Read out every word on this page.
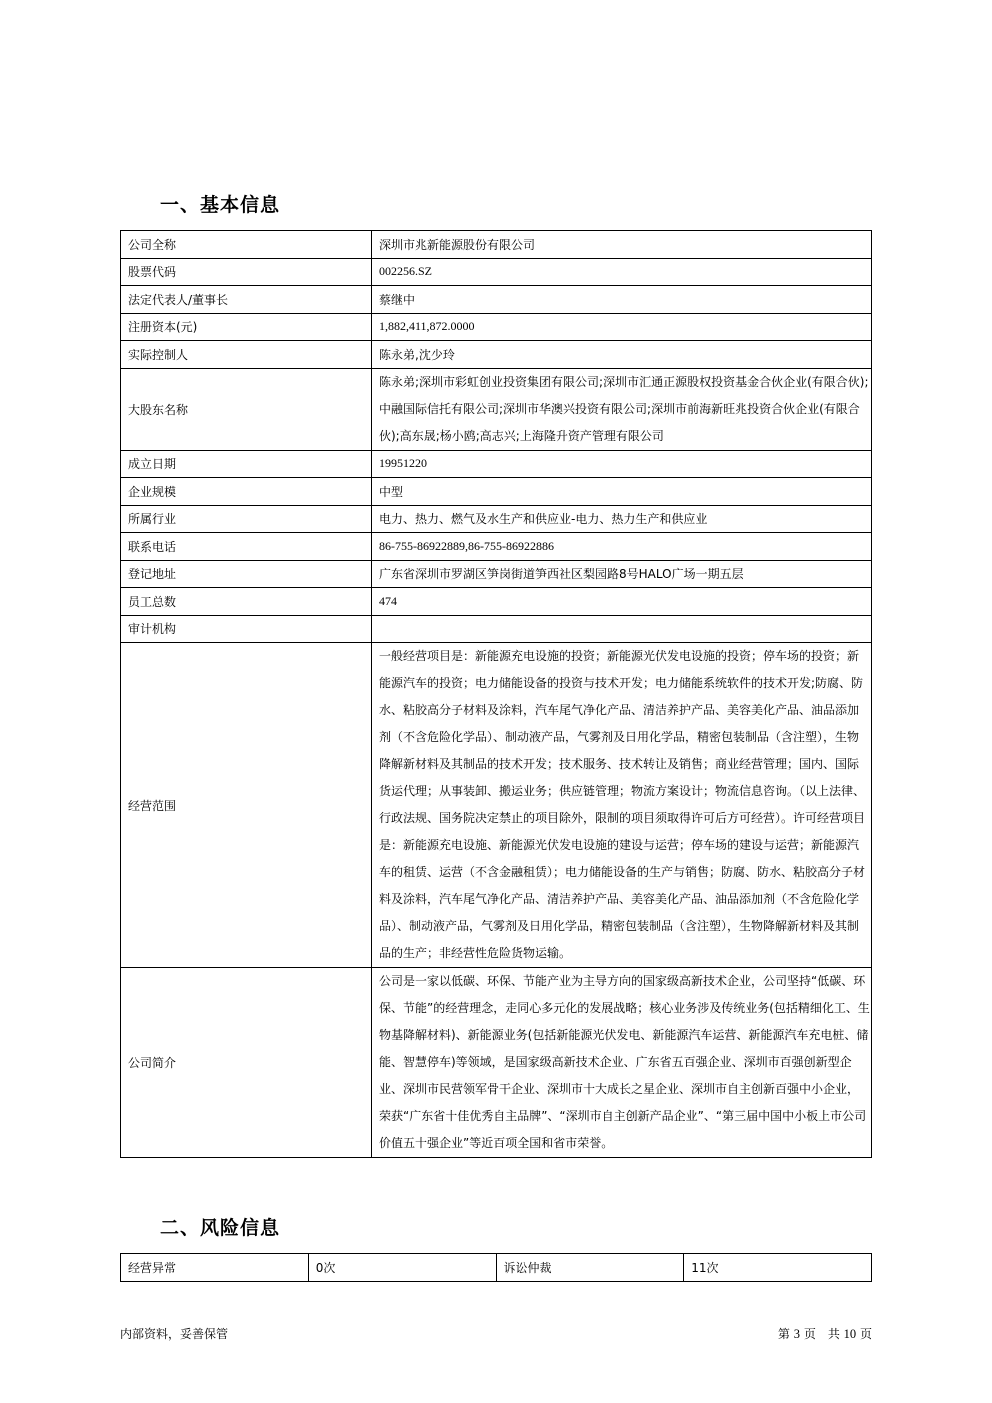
一、基本信息
公司全称	深圳市兆新能源股份有限公司
股票代码	002256.SZ
法定代表人/董事长	蔡继中
注册资本(元)	1,882,411,872.0000
实际控制人	陈永弟,沈少玲
大股东名称	陈永弟;深圳市彩虹创业投资集团有限公司;深圳市汇通正源股权投资基金合伙企业(有限合伙);中融国际信托有限公司;深圳市华澳兴投资有限公司;深圳市前海新旺兆投资合伙企业(有限合伙);高东晟;杨小鸥;高志兴;上海隆升资产管理有限公司
成立日期	19951220
企业规模	中型
所属行业	电力、热力、燃气及水生产和供应业-电力、热力生产和供应业
联系电话	86-755-86922889,86-755-86922886
登记地址	广东省深圳市罗湖区笋岗街道笋西社区梨园路8号HALO广场一期五层
员工总数	474
审计机构	
经营范围	一般经营项目是：新能源充电设施的投资；新能源光伏发电设施的投资；停车场的投资；新能源汽车的投资；电力储能设备的投资与技术开发；电力储能系统软件的技术开发;防腐、防水、粘胶高分子材料及涂料，汽车尾气净化产品、清洁养护产品、美容美化产品、油品添加剂（不含危险化学品）、制动液产品，气雾剂及日用化学品，精密包装制品（含注塑），生物降解新材料及其制品的技术开发；技术服务、技术转让及销售；商业经营管理；国内、国际货运代理；从事装卸、搬运业务；供应链管理；物流方案设计；物流信息咨询。（以上法律、行政法规、国务院决定禁止的项目除外，限制的项目须取得许可后方可经营）。许可经营项目是：新能源充电设施、新能源光伏发电设施的建设与运营；停车场的建设与运营；新能源汽车的租赁、运营（不含金融租赁）；电力储能设备的生产与销售；防腐、防水、粘胶高分子材料及涂料，汽车尾气净化产品、清洁养护产品、美容美化产品、油品添加剂（不含危险化学品）、制动液产品，气雾剂及日用化学品，精密包装制品（含注塑），生物降解新材料及其制品的生产；非经营性危险货物运输。
公司简介	公司是一家以低碳、环保、节能产业为主导方向的国家级高新技术企业，公司坚持“低碳、环保、节能”的经营理念，走同心多元化的发展战略；核心业务涉及传统业务(包括精细化工、生物基降解材料)、新能源业务(包括新能源光伏发电、新能源汽车运营、新能源汽车充电桩、储能、智慧停车)等领域，是国家级高新技术企业、广东省五百强企业、深圳市百强创新型企业、深圳市民营领军骨干企业、深圳市十大成长之星企业、深圳市自主创新百强中小企业，荣获“广东省十佳优秀自主品牌”、“深圳市自主创新产品企业”、“第三届中国中小板上市公司价值五十强企业”等近百项全国和省市荣誉。
二、风险信息
经营异常	0次	诉讼仲裁	11次
内部资料，妥善保管	第 3 页　共 10 页
